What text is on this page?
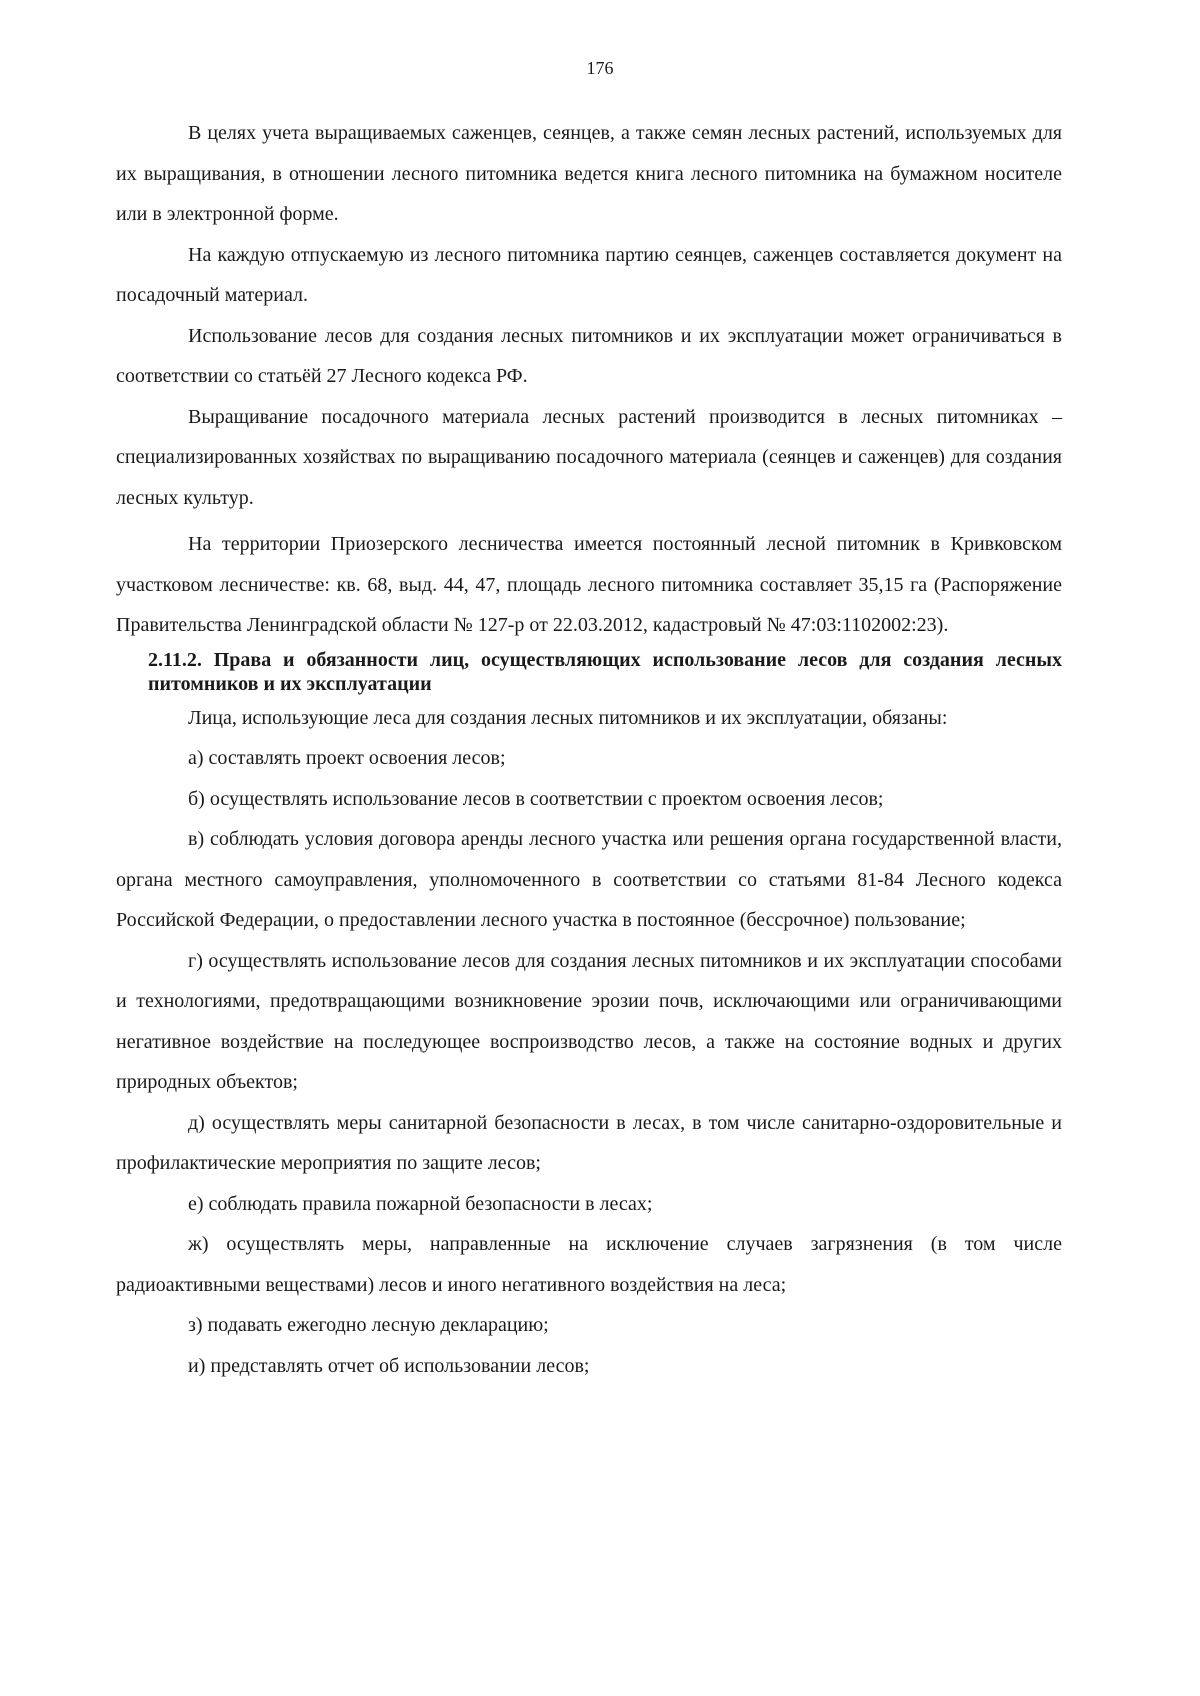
176

В целях учета выращиваемых саженцев, сеянцев, а также семян лесных растений, используемых для их выращивания, в отношении лесного питомника ведется книга лесного питомника на бумажном носителе или в электронной форме.

На каждую отпускаемую из лесного питомника партию сеянцев, саженцев составляется документ на посадочный материал.

Использование лесов для создания лесных питомников и их эксплуатации может ограничиваться в соответствии со статьёй 27 Лесного кодекса РФ.

Выращивание посадочного материала лесных растений производится в лесных питомниках – специализированных хозяйствах по выращиванию посадочного материала (сеянцев и саженцев) для создания лесных культур.

На территории Приозерского лесничества имеется постоянный лесной питомник в Кривковском участковом лесничестве: кв. 68, выд. 44, 47, площадь лесного питомника составляет 35,15 га (Распоряжение Правительства Ленинградской области № 127-р от 22.03.2012, кадастровый № 47:03:1102002:23).

2.11.2. Права и обязанности лиц, осуществляющих использование лесов для создания лесных питомников и их эксплуатации

Лица, использующие леса для создания лесных питомников и их эксплуатации, обязаны:

а) составлять проект освоения лесов;

б) осуществлять использование лесов в соответствии с проектом освоения лесов;

в) соблюдать условия договора аренды лесного участка или решения органа государственной власти, органа местного самоуправления, уполномоченного в соответствии со статьями 81-84 Лесного кодекса Российской Федерации, о предоставлении лесного участка в постоянное (бессрочное) пользование;

г) осуществлять использование лесов для создания лесных питомников и их эксплуатации способами и технологиями, предотвращающими возникновение эрозии почв, исключающими или ограничивающими негативное воздействие на последующее воспроизводство лесов, а также на состояние водных и других природных объектов;

д) осуществлять меры санитарной безопасности в лесах, в том числе санитарно-оздоровительные и профилактические мероприятия по защите лесов;

е) соблюдать правила пожарной безопасности в лесах;

ж) осуществлять меры, направленные на исключение случаев загрязнения (в том числе радиоактивными веществами) лесов и иного негативного воздействия на леса;

з) подавать ежегодно лесную декларацию;

и) представлять отчет об использовании лесов;
